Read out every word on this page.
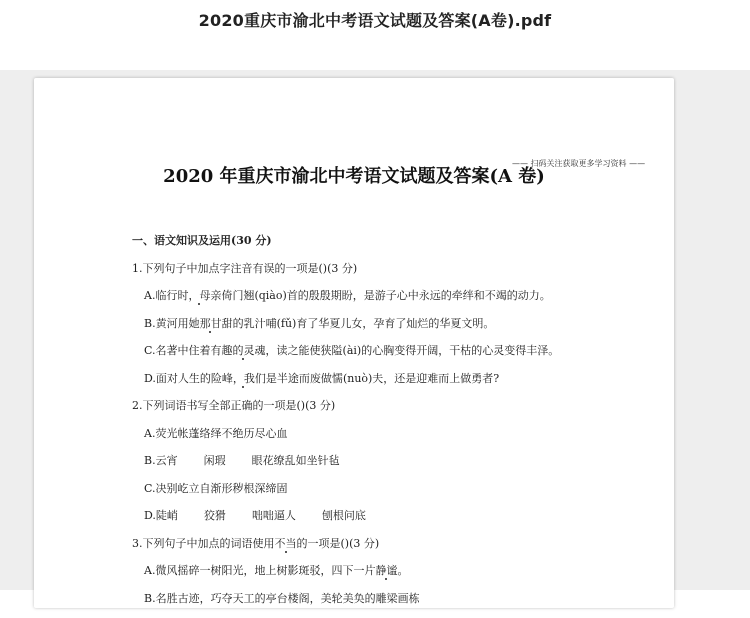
2020重庆市渝北中考语文试题及答案(A卷).pdf
—— 扫码关注获取更多学习资料 ——
2020 年重庆市渝北中考语文试题及答案(A 卷)
一、语文知识及运用(30 分)
1.下列句子中加点字注音有误的一项是()(3 分)
A.临行时，母亲倚门翘(qiào)首的殷殷期盼，是游子心中永远的牵绊和不竭的动力。
B.黄河用她那甘甜的乳汁哺(fǔ)育了华夏儿女，孕育了灿烂的华夏文明。
C.名著中住着有趣的灵魂，读之能使狭隘(ài)的心胸变得开阔，干枯的心灵变得丰泽。
D.面对人生的险峰，我们是半途而废做懦(nuò)夫，还是迎难而上做勇者?
2.下列词语书写全部正确的一项是()(3 分)
A.荧光帐蓬络绎不绝历尽心血
B.云宵 闲瑕 眼花缭乱如坐针毡
C.决别屹立自渐形秽根深缔固
D.陡峭 狡猾 咄咄逼人 刨根问底
3.下列句子中加点的词语使用不当的一项是()(3 分)
A.微风摇碎一树阳光，地上树影斑驳，四下一片静谧。
B.名胜古迹，巧夺天工的亭台楼阁，美轮美奂的雕梁画栋
